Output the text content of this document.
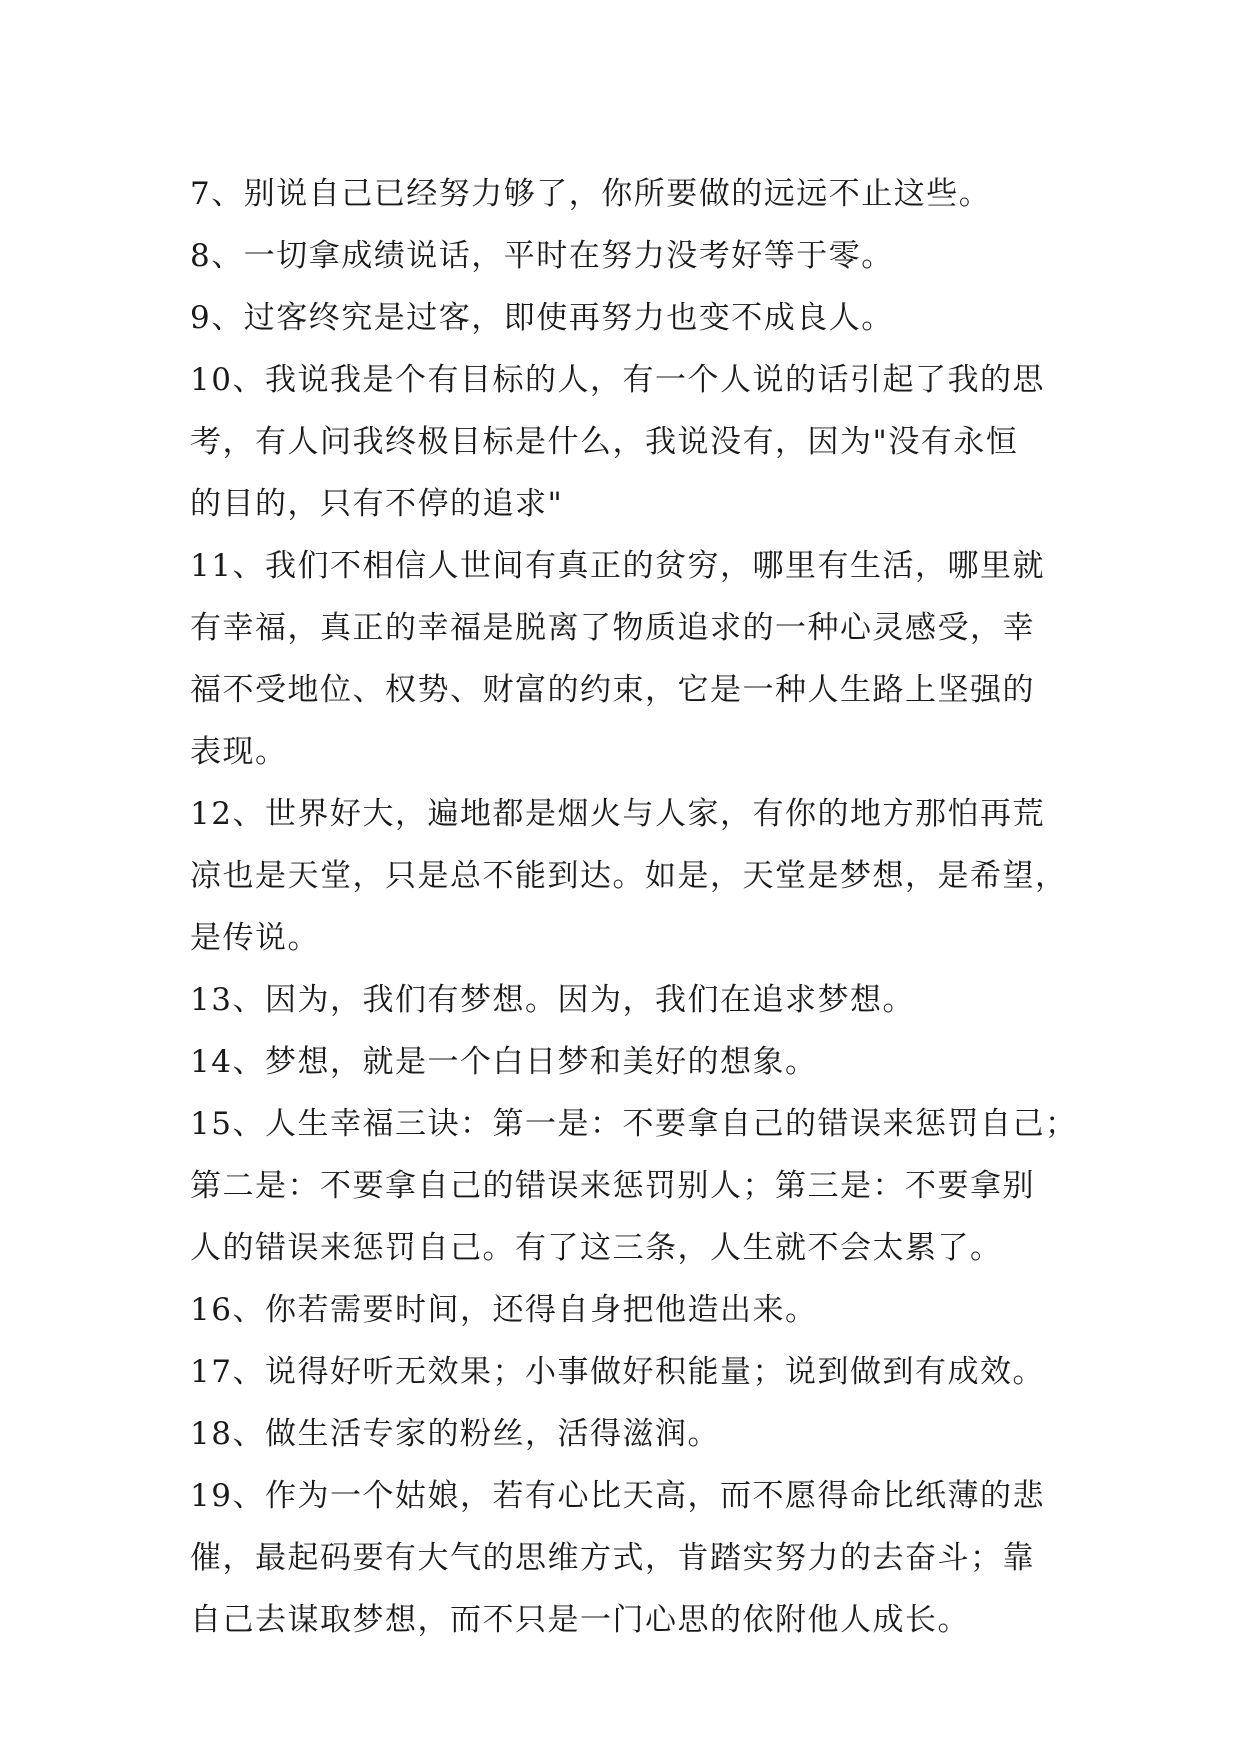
7、别说自己已经努力够了，你所要做的远远不止这些。
8、一切拿成绩说话，平时在努力没考好等于零。
9、过客终究是过客，即使再努力也变不成良人。
10、我说我是个有目标的人，有一个人说的话引起了我的思
考，有人问我终极目标是什么，我说没有，因为"没有永恒
的目的，只有不停的追求"
11、我们不相信人世间有真正的贫穷，哪里有生活，哪里就
有幸福，真正的幸福是脱离了物质追求的一种心灵感受，幸
福不受地位、权势、财富的约束，它是一种人生路上坚强的
表现。
12、世界好大，遍地都是烟火与人家，有你的地方那怕再荒
凉也是天堂，只是总不能到达。如是，天堂是梦想，是希望，
是传说。
13、因为，我们有梦想。因为，我们在追求梦想。
14、梦想，就是一个白日梦和美好的想象。
15、人生幸福三诀：第一是：不要拿自己的错误来惩罚自己；
第二是：不要拿自己的错误来惩罚别人；第三是：不要拿别
人的错误来惩罚自己。有了这三条，人生就不会太累了。
16、你若需要时间，还得自身把他造出来。
17、说得好听无效果；小事做好积能量；说到做到有成效。
18、做生活专家的粉丝，活得滋润。
19、作为一个姑娘，若有心比天高，而不愿得命比纸薄的悲
催，最起码要有大气的思维方式，肯踏实努力的去奋斗；靠
自己去谋取梦想，而不只是一门心思的依附他人成长。
